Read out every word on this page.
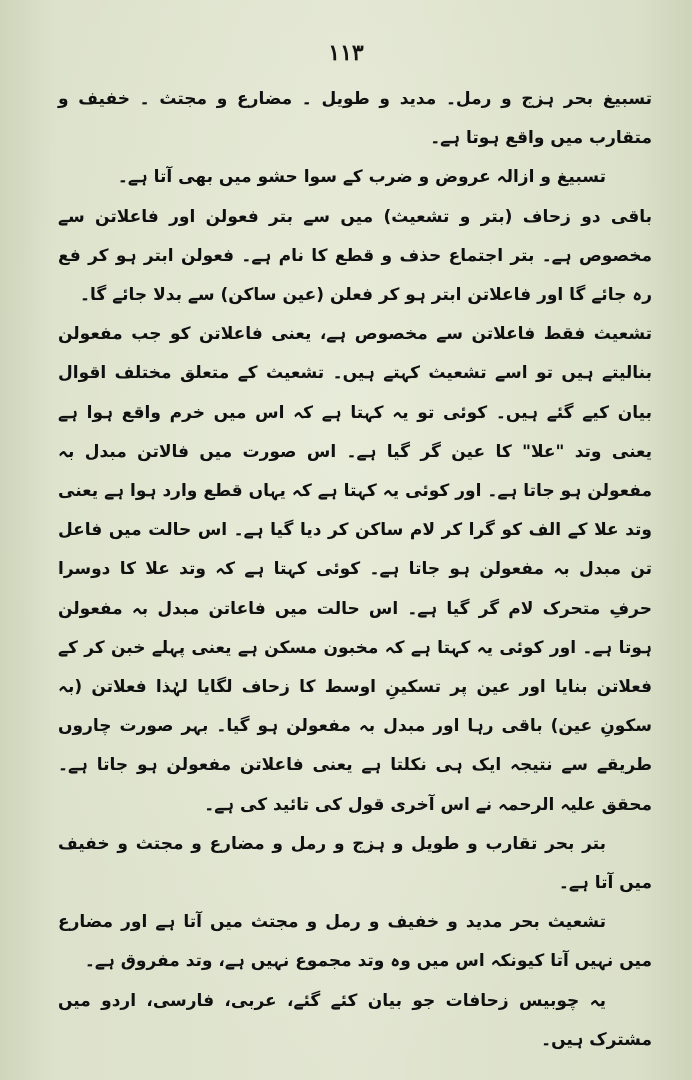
۱۱۳

تسبیغ بحر ہزج و رمل۔ مدید و طویل ۔ مضارع و مجتث ۔ خفیف و متقارب میں واقع ہوتا ہے۔

تسبیغ و ازالہ عروض و ضرب کے سوا حشو میں بھی آتا ہے۔

باقی دو زحاف (بتر و تشعیث) میں سے بتر فعولن اور فاعلاتن سے مخصوص ہے۔ بتر اجتماع حذف و قطع کا نام ہے۔ فعولن ابتر ہو کر فع رہ جائے گا اور فاعلاتن ابتر ہو کر فعلن (عین ساکن) سے بدلا جائے گا۔

تشعیث فقط فاعلاتن سے مخصوص ہے، یعنی فاعلاتن کو جب مفعولن بنالیتے ہیں تو اسے تشعیث کہتے ہیں۔ تشعیث کے متعلق مختلف اقوال بیان کیے گئے ہیں۔ کوئی تو یہ کہتا ہے کہ اس میں خرم واقع ہوا ہے یعنی وتد "علا" کا عین گر گیا ہے۔ اس صورت میں فالاتن مبدل بہ مفعولن ہو جاتا ہے۔ اور کوئی یہ کہتا ہے کہ یہاں قطع وارد ہوا ہے یعنی وتد علا کے الف کو گرا کر لام ساکن کر دیا گیا ہے۔ اس حالت میں فاعل تن مبدل بہ مفعولن ہو جاتا ہے۔ کوئی کہتا ہے کہ وتد علا کا دوسرا حرفِ متحرک لام گر گیا ہے۔ اس حالت میں فاعاتن مبدل بہ مفعولن ہوتا ہے۔ اور کوئی یہ کہتا ہے کہ مخبون مسکن ہے یعنی پہلے خبن کر کے فعلاتن بنایا اور عین پر تسکینِ اوسط کا زحاف لگایا لہٰذا فعلاتن (بہ سکونِ عین) باقی رہا اور مبدل بہ مفعولن ہو گیا۔ بہر صورت چاروں طریقے سے نتیجہ ایک ہی نکلتا ہے یعنی فاعلاتن مفعولن ہو جاتا ہے۔ محقق علیہ الرحمہ نے اس آخری قول کی تائید کی ہے۔

بتر بحر تقارب و طویل و ہزج و رمل و مضارع و مجتث و خفیف میں آتا ہے۔

تشعیث بحر مدید و خفیف و رمل و مجتث میں آتا ہے اور مضارع میں نہیں آتا کیونکہ اس میں وہ وتد مجموع نہیں ہے، وتد مفروق ہے۔

یہ چوبیس زحافات جو بیان کئے گئے، عربی، فارسی، اردو میں مشترک ہیں۔
